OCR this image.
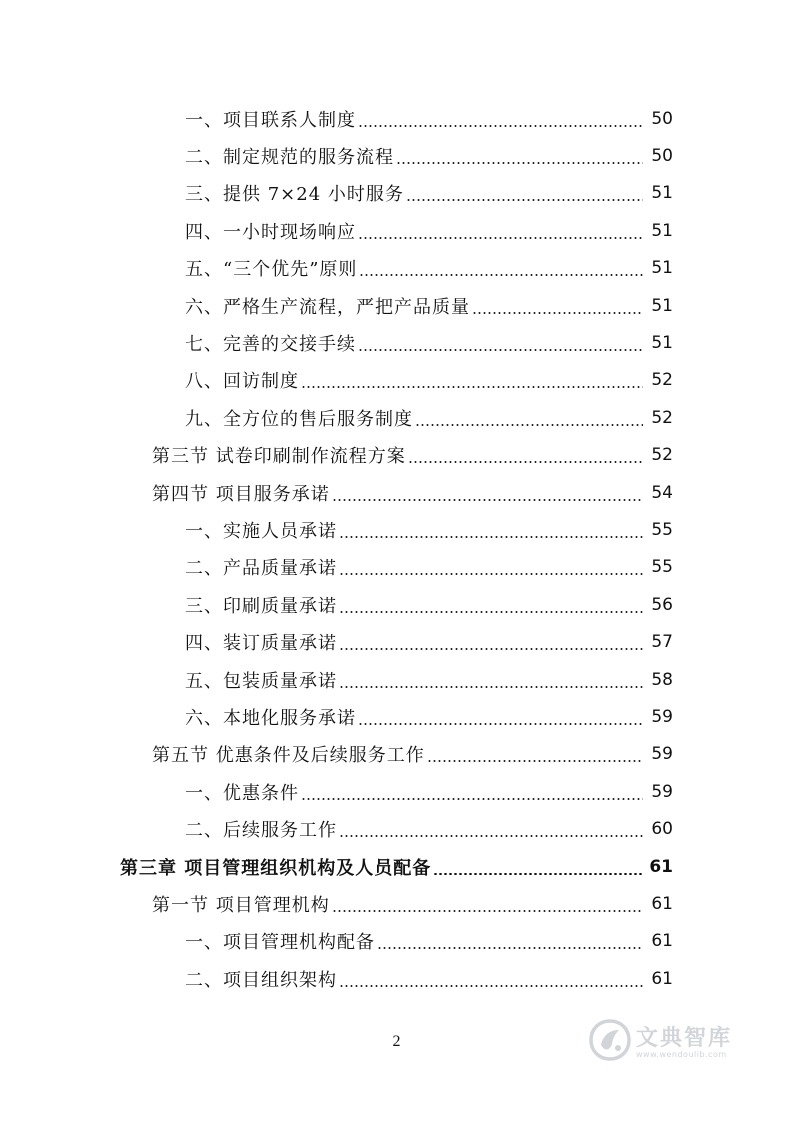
一、项目联系人制度	50
二、制定规范的服务流程	50
三、提供 7×24 小时服务	51
四、一小时现场响应	51
五、“三个优先”原则	51
六、严格生产流程，严把产品质量	51
七、完善的交接手续	51
八、回访制度	52
九、全方位的售后服务制度	52
第三节 试卷印刷制作流程方案	52
第四节 项目服务承诺	54
一、实施人员承诺	55
二、产品质量承诺	55
三、印刷质量承诺	56
四、装订质量承诺	57
五、包装质量承诺	58
六、本地化服务承诺	59
第五节 优惠条件及后续服务工作	59
一、优惠条件	59
二、后续服务工作	60
第三章 项目管理组织机构及人员配备	61
第一节 项目管理机构	61
一、项目管理机构配备	61
二、项目组织架构	61
2	文典智库
www.wendoulib.com
